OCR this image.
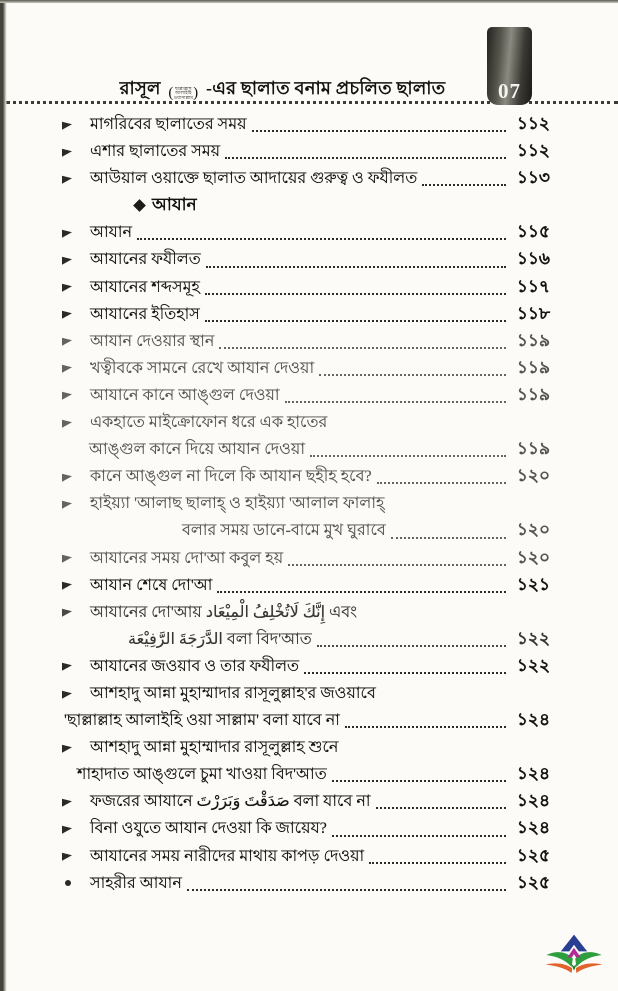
রাসূল ( ছাল্লাল্লাহু
আলাইহি
ওয়াসাল্লাম ) -এর ছালাত বনাম প্রচলিত ছালাত	07
মাগরিবের ছালাতের সময়	১১২
এশার ছালাতের সময়	১১২
আউয়াল ওয়াক্তে ছালাত আদায়ের গুরুত্ব ও ফযীলত	১১৩
আযান
আযান	১১৫
আযানের ফযীলত	১১৬
আযানের শব্দসমূহ	১১৭
আযানের ইতিহাস	১১৮
আযান দেওয়ার স্থান	১১৯
খত্বীবকে সামনে রেখে আযান দেওয়া	১১৯
আযানে কানে আঙ্গুল দেওয়া	১১৯
একহাতে মাইক্রোফোন ধরে এক হাতের
আঙ্গুল কানে দিয়ে আযান দেওয়া	১১৯
কানে আঙ্গুল না দিলে কি আযান ছহীহ হবে?	১২০
হাইয়্যা 'আলাছ ছালাহ্ ও হাইয়্যা 'আলাল ফালাহ্
বলার সময় ডানে-বামে মুখ ঘুরাবে	১২০
আযানের সময় দো'আ কবুল হয়	১২০
আযান শেষে দো'আ	১২১
আযানের দো'আয় إِنَّكَ لَاتُخْلِفُ الْمِيْعَاد এবং
الدَّرَجَةَ الرَّفِيْعَة বলা বিদ'আত	১২২
আযানের জওয়াব ও তার ফযীলত	১২২
আশহাদু আন্না মুহাম্মাদার রাসূলুল্লাহ'র জওয়াবে
'ছাল্লাল্লাহ আলাইহি ওয়া সাল্লাম' বলা যাবে না	১২৪
আশহাদু আন্না মুহাম্মাদার রাসূলুল্লাহ শুনে
শাহাদাত আঙ্গুলে চুমা খাওয়া বিদ'আত	১২৪
ফজরের আযানে صَدَقْتَ وَبَرَرْتَ বলা যাবে না	১২৪
বিনা ওযুতে আযান দেওয়া কি জায়েয?	১২৪
আযানের সময় নারীদের মাথায় কাপড় দেওয়া	১২৫
সাহরীর আযান	১২৫
